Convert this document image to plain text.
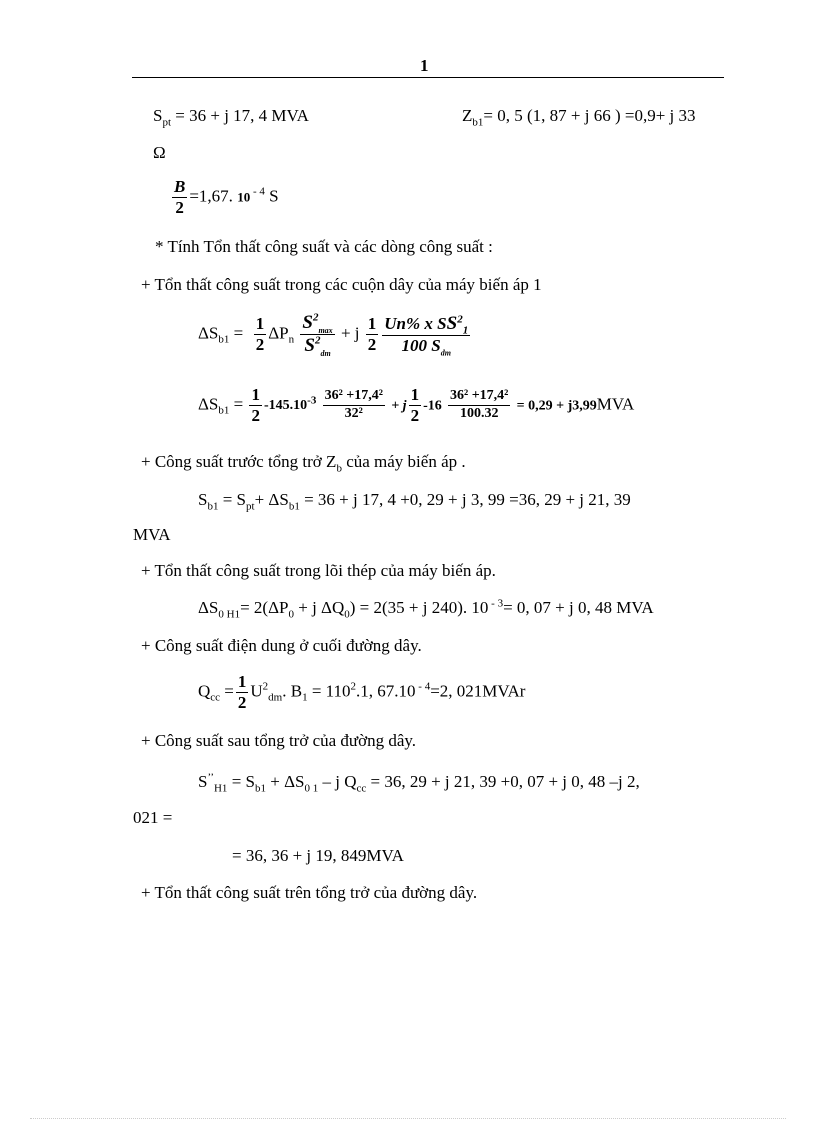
1
$S_{pt} = 36 + j$ 17, 4 MVA	$Z_{b1}= 0$, 5 (1, 87 + j 66 ) =0,9+ j 33
Ω
$\frac{B}{2} =1,67$. 10 $^{- 4}$ S
* Tính Tổn thất công suất và các dòng công suất :
+ Tổn thất công suất trong các cuộn dây của máy biến áp 1
$\Delta S_{b1} = \frac{1}{2} \Delta P_n \frac{S^2_{max}}{S^2_{dm}} + j \frac{1}{2} \frac{Un\% x SS^2_1}{100 S_{dm}}$
$\Delta S_{b1} = \frac{1}{2} -145.10^{-3} \frac{\text{36² +17,4²}}{\text{32²}} + j \frac{1}{2} -16 \frac{\text{36² +17,4²}}{100.32} = 0,29 + j3,99MVA$
+ Công suất trước tổng trở $Z_b$ của máy biến áp .
$S_{b1} = S_{pt}+ \Delta S_{b1} = 36 + j$ 17, 4 +0, 29 + j 3, 99 =36, 29 + j 21, 39
MVA
+ Tổn thất công suất trong lõi thép của máy biến áp.
$\Delta S_{0 H1}= 2(\Delta P_0 + j$ $\Delta Q_0) = 2(35 + j$ 240). 10 $^{- 3}$= 0, 07 + j 0, 48 MVA
+ Công suất điện dung ở cuối đường dây.
$Q_{cc} = \frac{1}{2} U^2_{dm}$. $B_1 = 110^2.1$, 67.10 $^{- 4}$=2, 021MVAr
+ Công suất sau tổng trở của đường dây.
$S^{’’}_{H1} = S_{b1} + \Delta S_{0 1} - j$ $Q_{cc} = 36$, 29 + j 21, 39 +0, 07 + j 0, 48 –j 2,
021 =
= 36, 36 + j 19, 849MVA
+ Tổn thất công suất trên tổng trở của đường dây.
